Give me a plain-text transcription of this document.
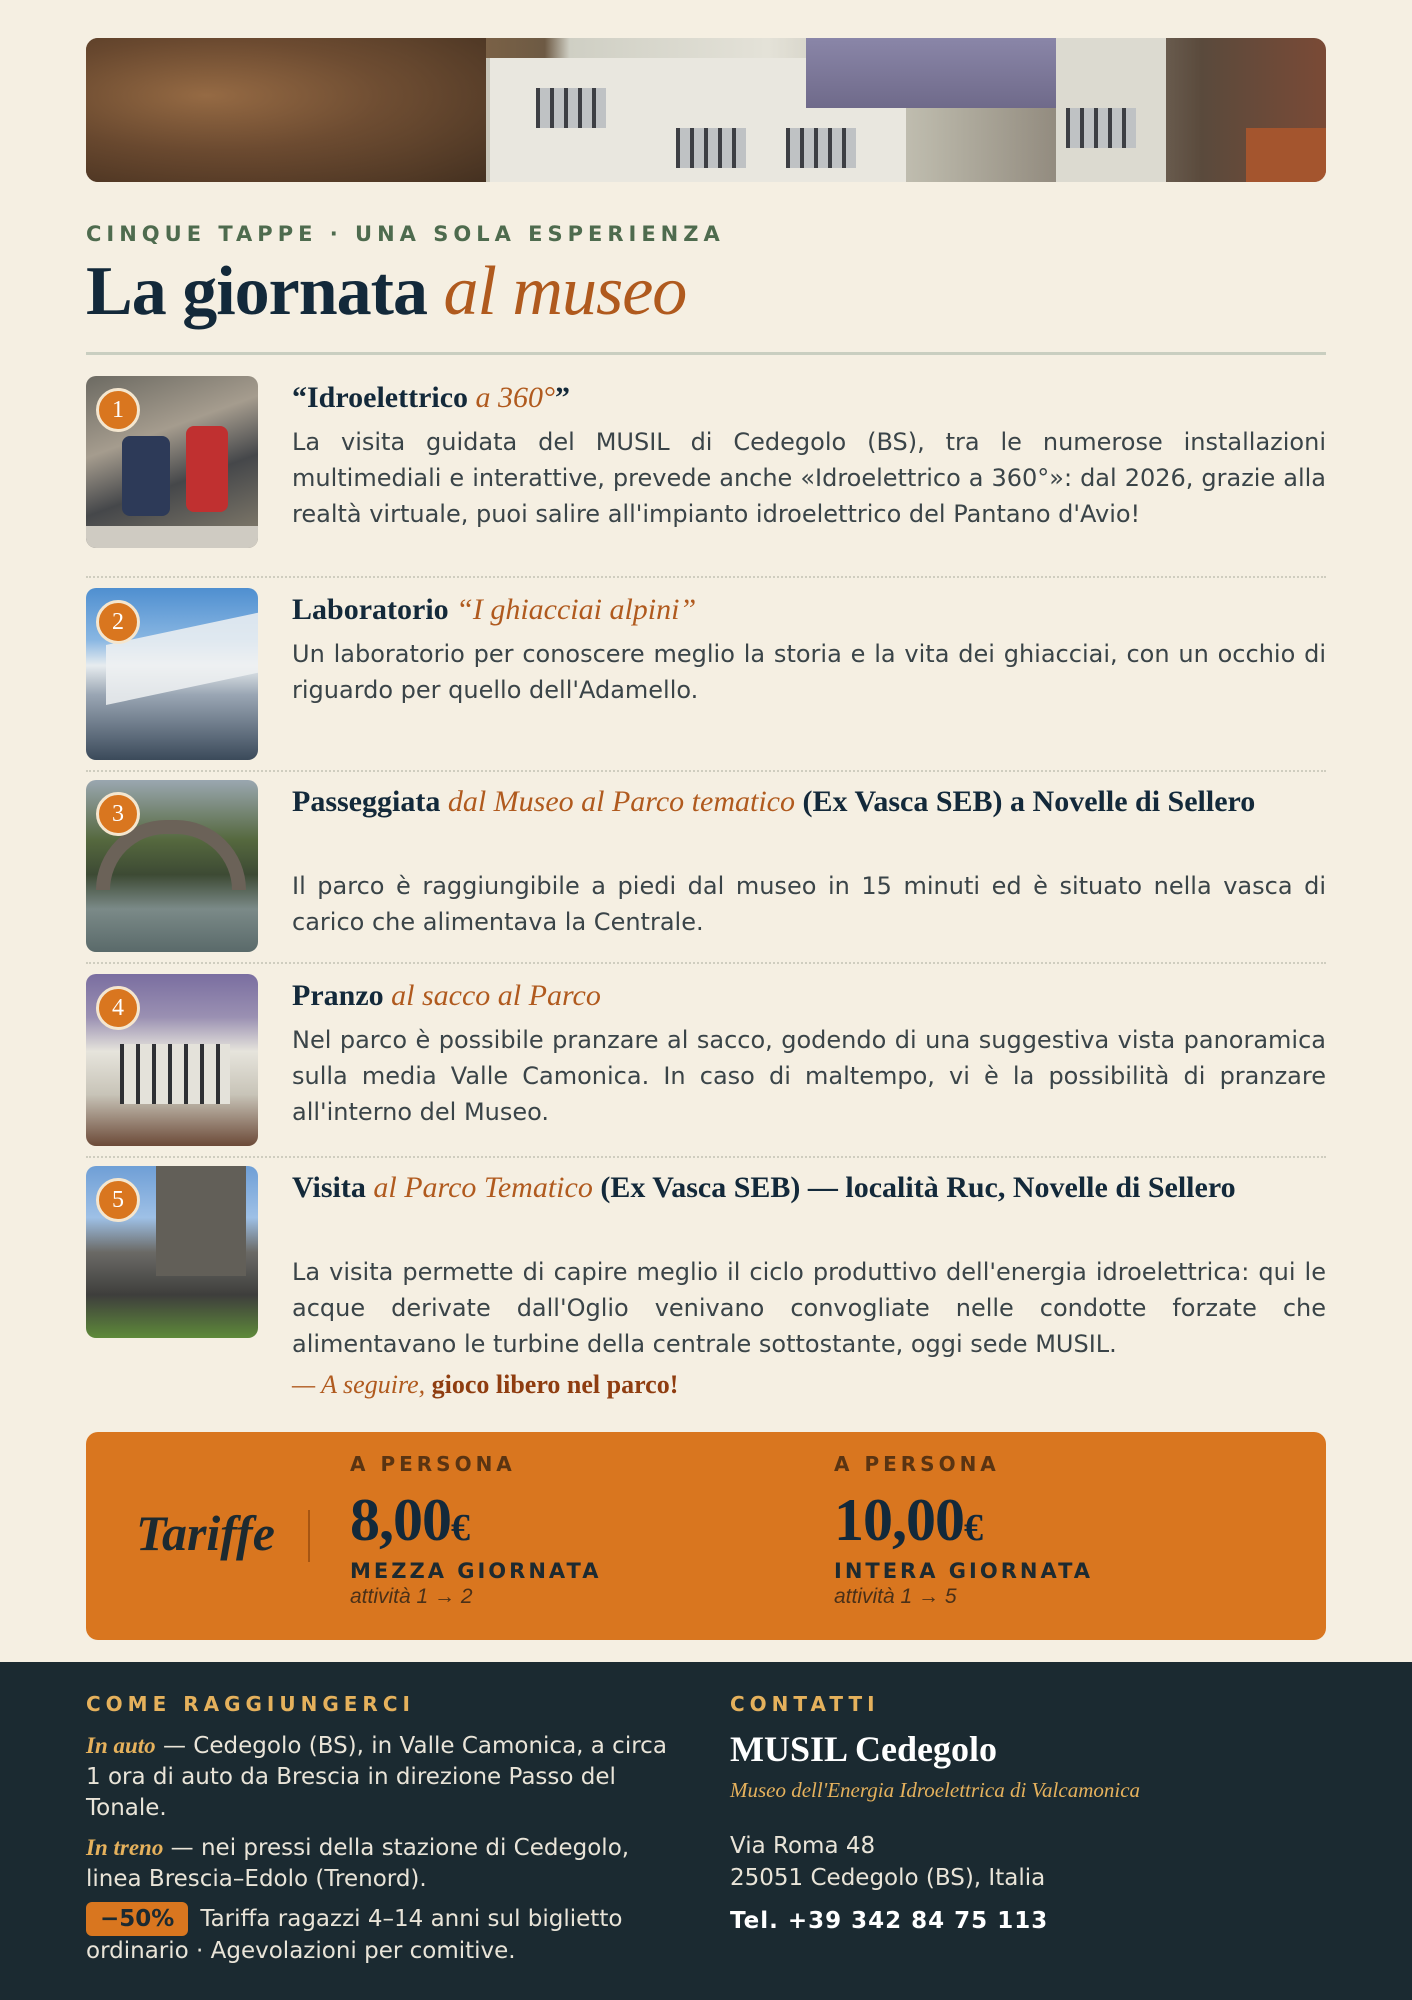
CINQUE TAPPE · UNA SOLA ESPERIENZA
La giornata al museo
1	“Idroelettrico a 360°”
La visita guidata del MUSIL di Cedegolo (BS), tra le numerose installazioni multimediali e interattive, prevede anche «Idroelettrico a 360°»: dal 2026, grazie alla realtà virtuale, puoi salire all'impianto idroelettrico del Pantano d'Avio!
2	Laboratorio “I ghiacciai alpini”
Un laboratorio per conoscere meglio la storia e la vita dei ghiacciai, con un occhio di riguardo per quello dell'Adamello.
3	Passeggiata dal Museo al Parco tematico (Ex Vasca SEB) a Novelle di Sellero
Il parco è raggiungibile a piedi dal museo in 15 minuti ed è situato nella vasca di carico che alimentava la Centrale.
4	Pranzo al sacco al Parco
Nel parco è possibile pranzare al sacco, godendo di una suggestiva vista panoramica sulla media Valle Camonica. In caso di maltempo, vi è la possibilità di pranzare all'interno del Museo.
5	Visita al Parco Tematico (Ex Vasca SEB) — località Ruc, Novelle di Sellero
La visita permette di capire meglio il ciclo produttivo dell'energia idroelettrica: qui le acque derivate dall'Oglio venivano convogliate nelle condotte forzate che alimentavano le turbine della centrale sottostante, oggi sede MUSIL.
— A seguire, gioco libero nel parco!
Tariffe
A PERSONA
8,00€
MEZZA GIORNATA
attività 1 → 2
A PERSONA
10,00€
INTERA GIORNATA
attività 1 → 5
COME RAGGIUNGERCI
In auto — Cedegolo (BS), in Valle Camonica, a circa 1 ora di auto da Brescia in direzione Passo del Tonale.
In treno — nei pressi della stazione di Cedegolo, linea Brescia–Edolo (Trenord).
−50% Tariffa ragazzi 4–14 anni sul biglietto ordinario · Agevolazioni per comitive.
CONTATTI
MUSIL Cedegolo
Museo dell'Energia Idroelettrica di Valcamonica
Via Roma 48
25051 Cedegolo (BS), Italia
Tel. +39 342 84 75 113
